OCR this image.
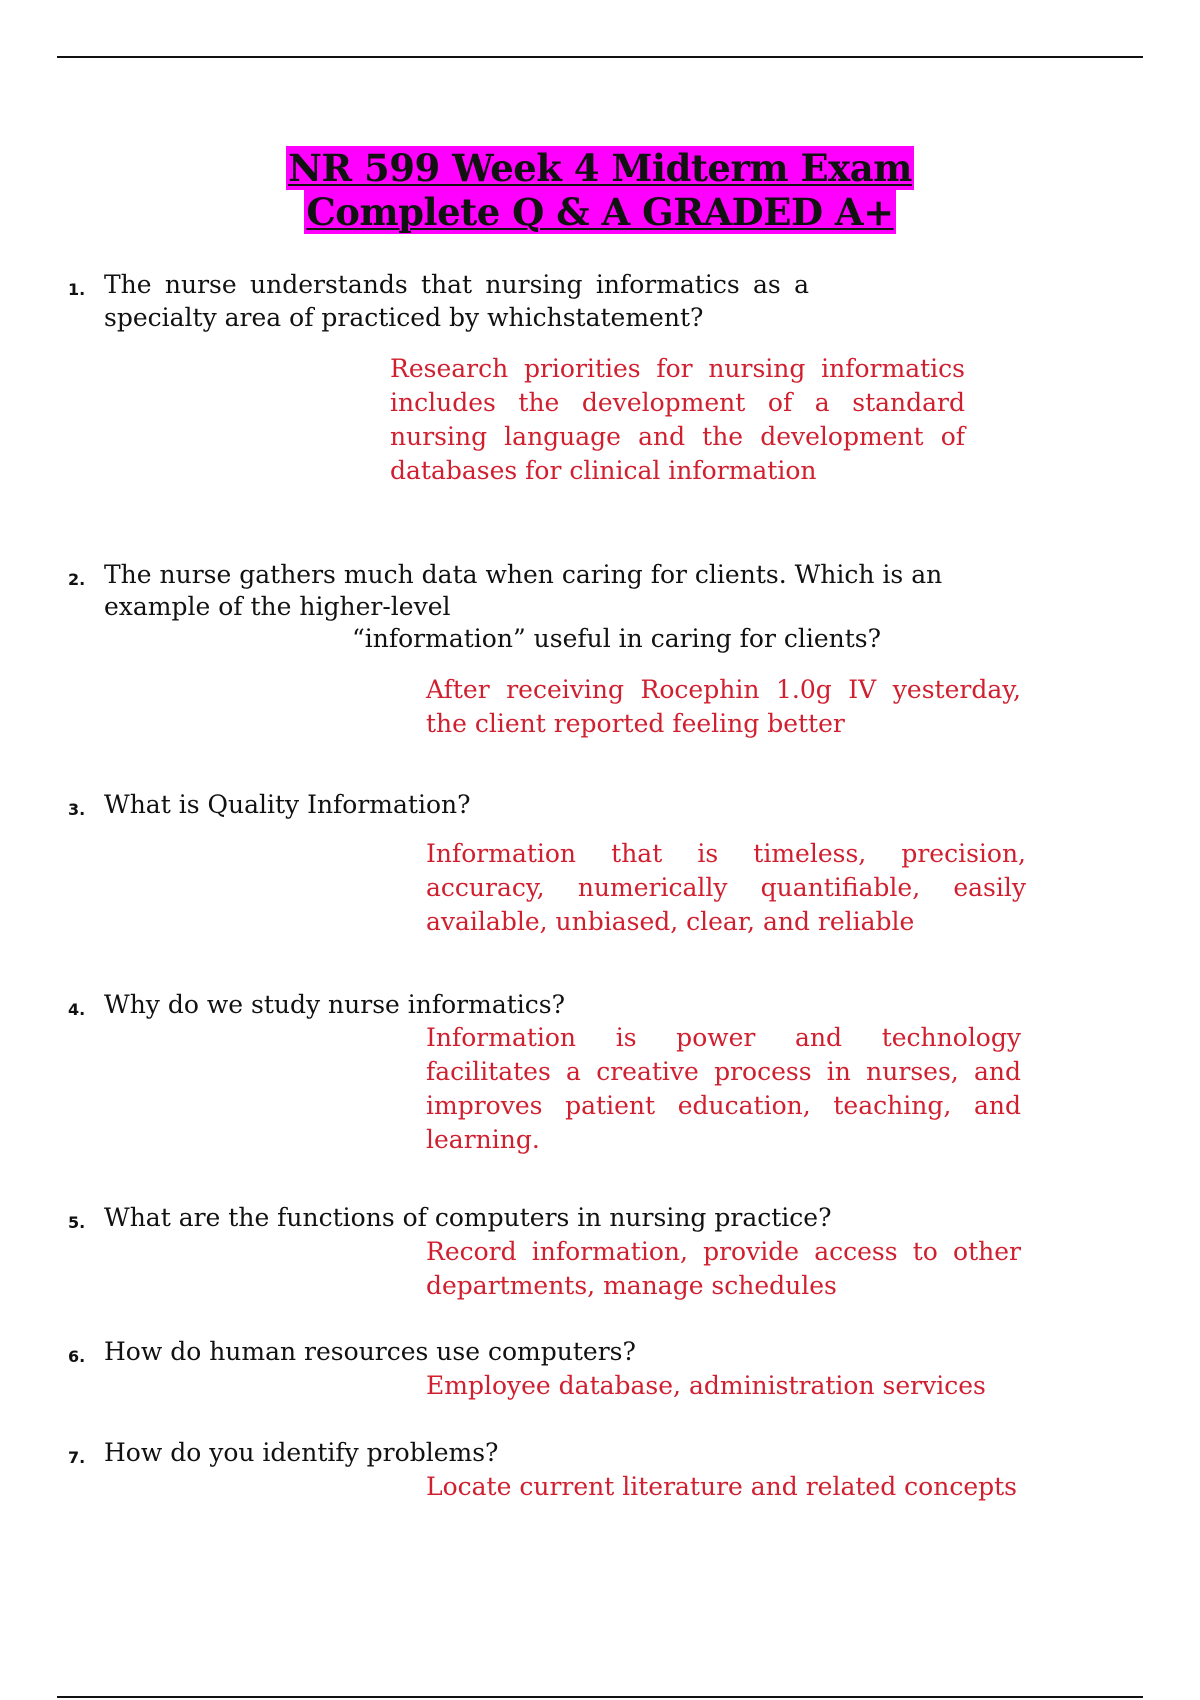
NR 599 Week 4 Midterm Exam
Complete Q & A GRADED A+
1. The nurse understands that nursing informatics as a specialty area of practiced by whichstatement?
Research priorities for nursing informatics includes the development of a standard nursing language and the development of databases for clinical information
2. The nurse gathers much data when caring for clients. Which is an
example of the higher-level
“information” useful in caring for clients?
After receiving Rocephin 1.0g IV yesterday, the client reported feeling better
3. What is Quality Information?
Information that is timeless, precision, accuracy, numerically quantifiable, easily available, unbiased, clear, and reliable
4. Why do we study nurse informatics?
Information is power and technology facilitates a creative process in nurses, and improves patient education, teaching, and learning.
5. What are the functions of computers in nursing practice?
Record information, provide access to other departments, manage schedules
6. How do human resources use computers?
Employee database, administration services
7. How do you identify problems?
Locate current literature and related concepts
